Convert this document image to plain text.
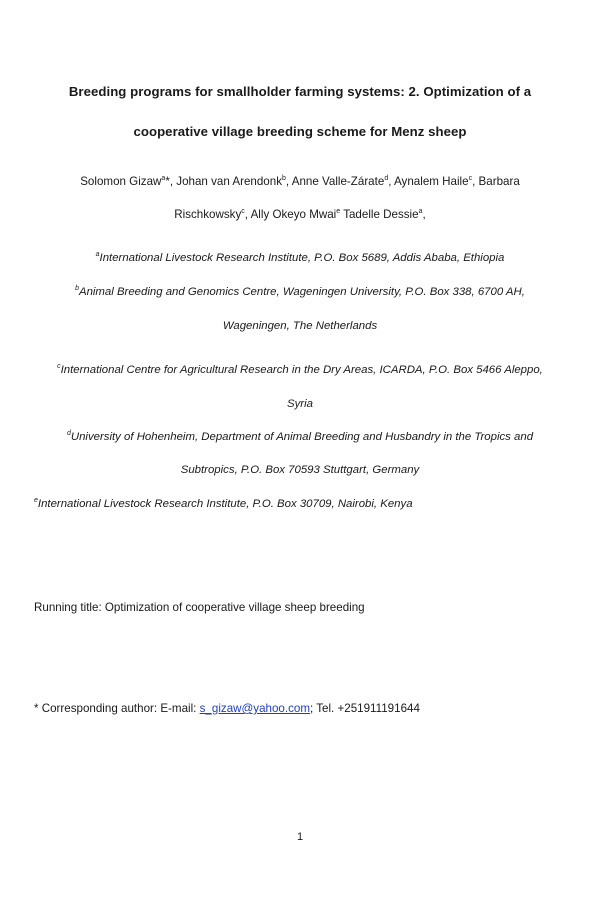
Breeding programs for smallholder farming systems: 2. Optimization of a
cooperative village breeding scheme for Menz sheep
Solomon Gizaw$^a$*, Johan van Arendonk$^b$, Anne Valle-Zárate$^d$, Aynalem Haile$^c$, Barbara
Rischkowsky$^c$, Ally Okeyo Mwai$^e$ Tadelle Dessie$^a$,
$^a$International Livestock Research Institute, P.O. Box 5689, Addis Ababa, Ethiopia
$^b$Animal Breeding and Genomics Centre, Wageningen University, P.O. Box 338, 6700 AH,
Wageningen, The Netherlands
$^c$International Centre for Agricultural Research in the Dry Areas, ICARDA, P.O. Box 5466 Aleppo,
Syria
$^d$University of Hohenheim, Department of Animal Breeding and Husbandry in the Tropics and
Subtropics, P.O. Box 70593 Stuttgart, Germany
$^e$International Livestock Research Institute, P.O. Box 30709, Nairobi, Kenya
Running title: Optimization of cooperative village sheep breeding
* Corresponding author: E-mail: s_gizaw@yahoo.com; Tel. +251911191644
1
